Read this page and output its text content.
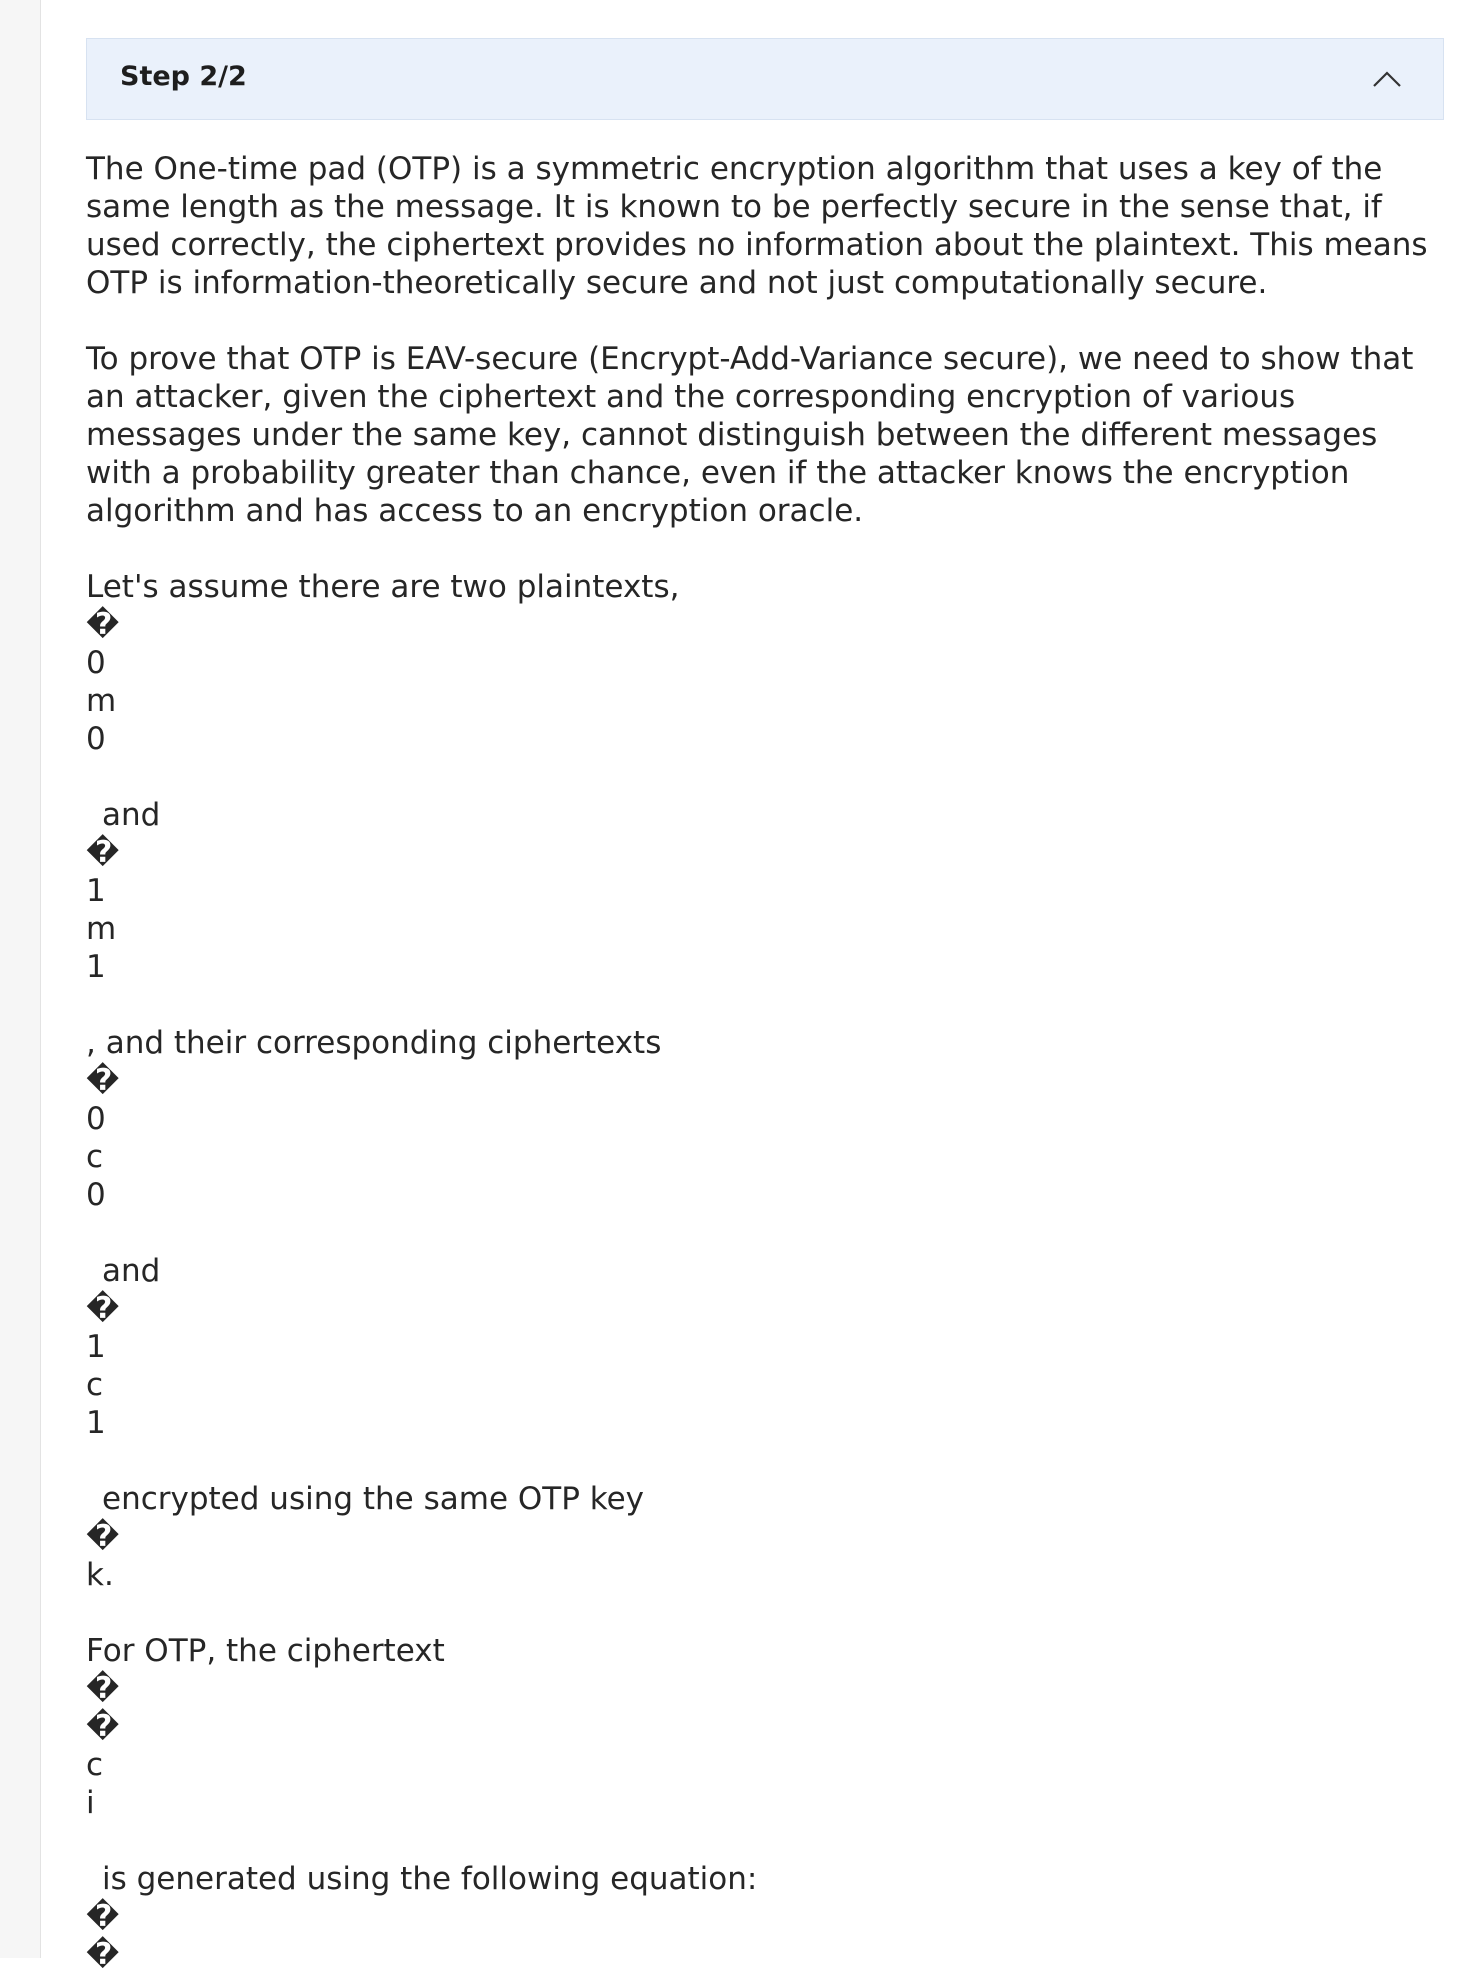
Step 2/2

The One-time pad (OTP) is a symmetric encryption algorithm that uses a key of the same length as the message. It is known to be perfectly secure in the sense that, if used correctly, the ciphertext provides no information about the plaintext. This means OTP is information-theoretically secure and not just computationally secure.

To prove that OTP is EAV-secure (Encrypt-Add-Variance secure), we need to show that an attacker, given the ciphertext and the corresponding encryption of various messages under the same key, cannot distinguish between the different messages with a probability greater than chance, even if the attacker knows the encryption algorithm and has access to an encryption oracle.

Let's assume there are two plaintexts,
�
0
m
0
and
�
1
m
1
, and their corresponding ciphertexts
�
0
c
0
and
�
1
c
1
encrypted using the same OTP key
�
k.
For OTP, the ciphertext
�
�
c
i
is generated using the following equation:
�
�
